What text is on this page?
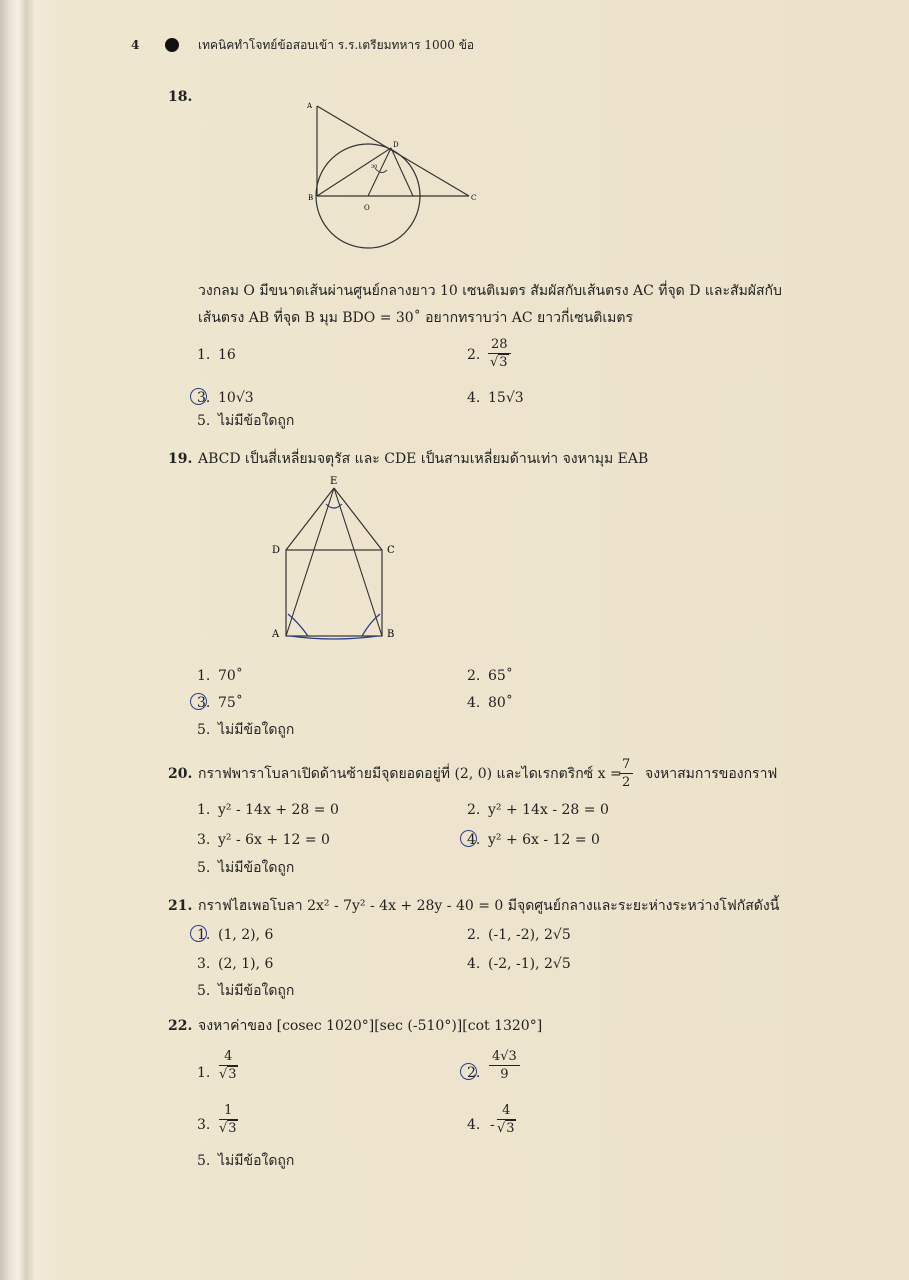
4	เทคนิคทำโจทย์ข้อสอบเข้า ร.ร.เตรียมทหาร 1000 ข้อ
18.
A
B	C
D
O
30
วงกลม O มีขนาดเส้นผ่านศูนย์กลางยาว 10 เซนติเมตร สัมผัสกับเส้นตรง AC ที่จุด D และสัมผัสกับ
เส้นตรง AB ที่จุด B มุม BDO = 30˚ อยากทราบว่า AC ยาวกี่เซนติเมตร
1. 16	2. $\frac{28}{√3}$
3. 10√3	4. 15√3
5. ไม่มีข้อใดถูก
19. ABCD เป็นสี่เหลี่ยมจตุรัส และ CDE เป็นสามเหลี่ยมด้านเท่า จงหามุม EAB
E
D	C
A	B
1. 70˚	2. 65˚
3. 75˚	4. 80˚
5. ไม่มีข้อใดถูก
20. กราฟพาราโบลาเปิดด้านซ้ายมีจุดยอดอยู่ที่ (2, 0) และไดเรกตริกซ์ x =
$\frac{7}{2}$ จงหาสมการของกราฟ
1. y² - 14x + 28 = 0	2. y² + 14x - 28 = 0
3. y² - 6x + 12 = 0	4. y² + 6x - 12 = 0
5. ไม่มีข้อใดถูก
21. กราฟไฮเพอโบลา 2x² - 7y² - 4x + 28y - 40 = 0 มีจุดศูนย์กลางและระยะห่างระหว่างโฟกัสดังนี้
1. (1, 2), 6	2. (-1, -2), 2√5
3. (2, 1), 6	4. (-2, -1), 2√5
5. ไม่มีข้อใดถูก
22. จงหาค่าของ [cosec 1020°][sec (-510°)][cot 1320°]
1. $\frac{4}{√3}$	2. $\frac{4√3}{9}$
3. $\frac{1}{√3}$	4. - $\frac{4}{√3}$
5. ไม่มีข้อใดถูก
